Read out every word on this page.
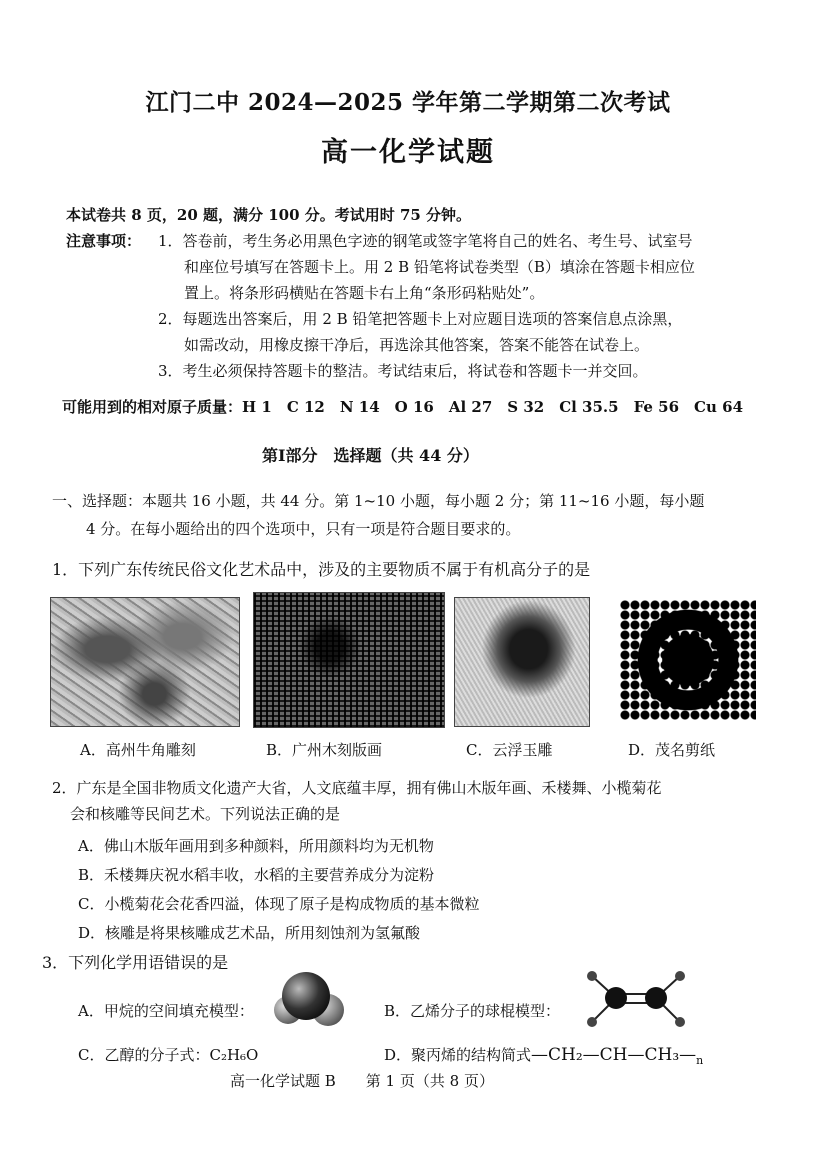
江门二中 2024—2025 学年第二学期第二次考试
高一化学试题
本试卷共 8 页，20 题，满分 100 分。考试用时 75 分钟。
注意事项： 1．答卷前，考生务必用黑色字迹的钢笔或签字笔将自己的姓名、考生号、试室号
和座位号填写在答题卡上。用 2 B 铅笔将试卷类型（B）填涂在答题卡相应位
置上。将条形码横贴在答题卡右上角“条形码粘贴处”。
2．每题选出答案后，用 2 B 铅笔把答题卡上对应题目选项的答案信息点涂黑，
如需改动，用橡皮擦干净后，再选涂其他答案，答案不能答在试卷上。
3．考生必须保持答题卡的整洁。考试结束后，将试卷和答题卡一并交回。
可能用到的相对原子质量：H 1　C 12　N 14　O 16　Al 27　S 32　Cl 35.5　Fe 56　Cu 64
第Ⅰ部分　选择题（共 44 分）
一、选择题：本题共 16 小题，共 44 分。第 1~10 小题，每小题 2 分；第 11~16 小题，每小题
4 分。在每小题给出的四个选项中，只有一项是符合题目要求的。
1．下列广东传统民俗文化艺术品中，涉及的主要物质不属于有机高分子的是
A．高州牛角雕刻	B．广州木刻版画	C．云浮玉雕	D．茂名剪纸
2．广东是全国非物质文化遗产大省，人文底蕴丰厚，拥有佛山木版年画、禾楼舞、小榄菊花
会和核雕等民间艺术。下列说法正确的是
A．佛山木版年画用到多种颜料，所用颜料均为无机物
B．禾楼舞庆祝水稻丰收，水稻的主要营养成分为淀粉
C．小榄菊花会花香四溢，体现了原子是构成物质的基本微粒
D．核雕是将果核雕成艺术品，所用刻蚀剂为氢氟酸
3．下列化学用语错误的是
A．甲烷的空间填充模型：	B．乙烯分子的球棍模型：
C．乙醇的分子式：C₂H₆O	D．聚丙烯的结构简式$—CH_2—CH—CH_3—_n$
高一化学试题 B　　第 1 页（共 8 页）
